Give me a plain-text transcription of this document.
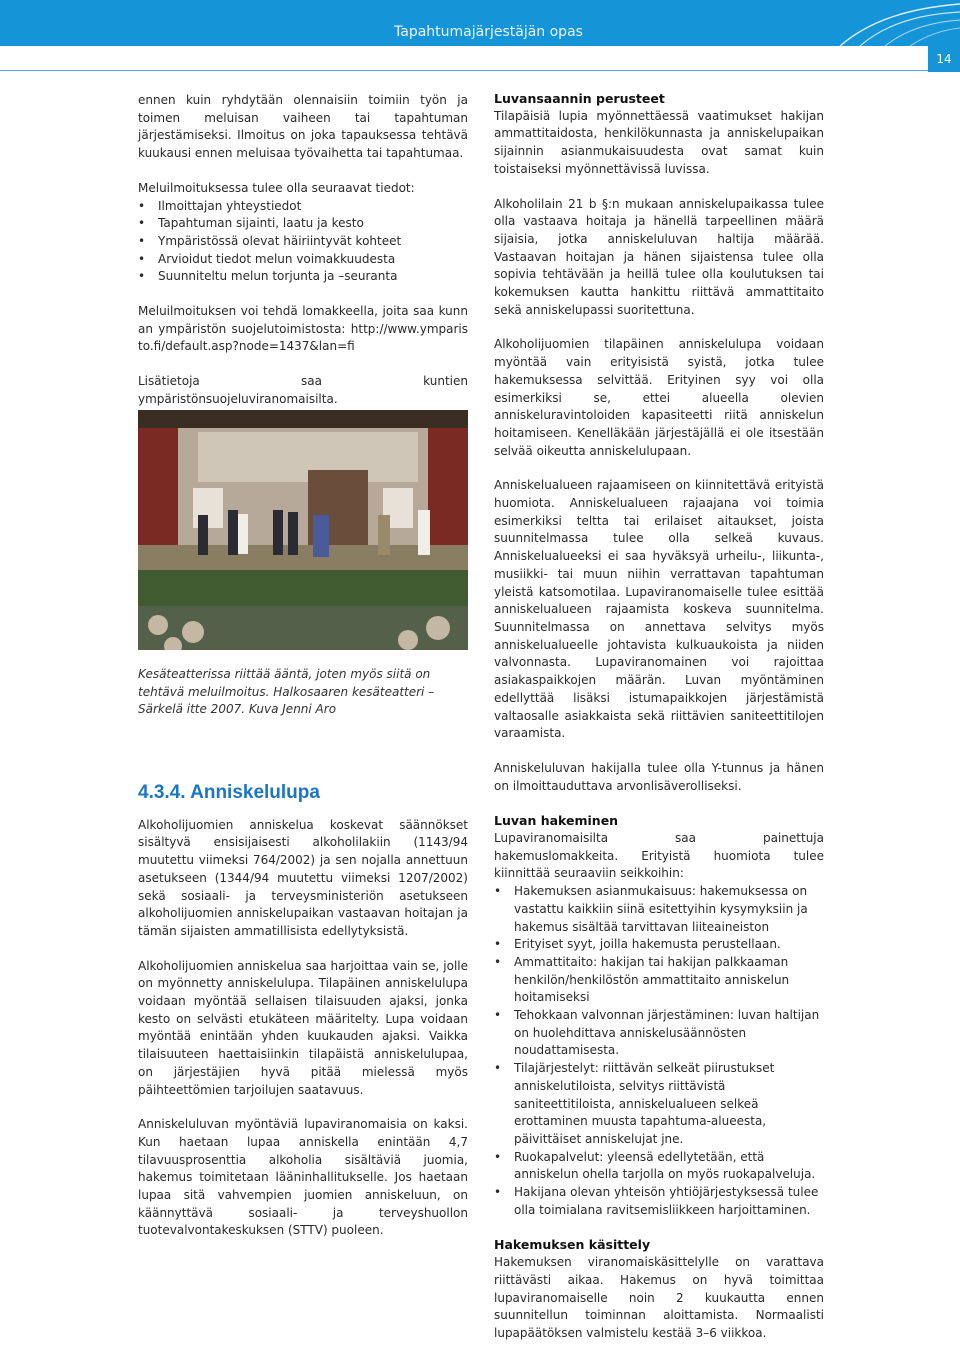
Tapahtumajärjestäjän opas
14

ennen kuin ryhdytään olennaisiin toimiin työn ja toimen meluisan vaiheen tai tapahtuman järjestämiseksi. Ilmoitus on joka tapauksessa tehtävä kuukausi ennen meluisaa työvaihetta tai tapahtumaa.

Meluilmoituksessa tulee olla seuraavat tiedot:

• Ilmoittajan yhteystiedot
• Tapahtuman sijainti, laatu ja kesto
• Ympäristössä olevat häiriintyvät kohteet
• Arvioidut tiedot melun voimakkuudesta
• Suunniteltu melun torjunta ja –seuranta

Meluilmoituksen voi tehdä lomakkeella, joita saa kunnan ympäristön suojelutoimistosta: http://www.ymparisto.fi/default.asp?node=1437&lan=fi

Lisätietoja saa kuntien ympäristönsuojeluviranomaisilta.

Kesäteatterissa riittää ääntä, joten myös siitä on tehtävä meluilmoitus. Halkosaaren kesäteatteri – Särkelä itte 2007. Kuva Jenni Aro

4.3.4. Anniskelulupa

Alkoholijuomien anniskelua koskevat säännökset sisältyvä ensisijaisesti alkoholilakiin (1143/94 muutettu viimeksi 764/2002) ja sen nojalla annettuun asetukseen (1344/94 muutettu viimeksi 1207/2002) sekä sosiaali- ja terveysministeriön asetukseen alkoholijuomien anniskelupaikan vastaavan hoitajan ja tämän sijaisten ammatillisista edellytyksistä.

Alkoholijuomien anniskelua saa harjoittaa vain se, jolle on myönnetty anniskelulupa. Tilapäinen anniskelulupa voidaan myöntää sellaisen tilaisuuden ajaksi, jonka kesto on selvästi etukäteen määritelty. Lupa voidaan myöntää enintään yhden kuukauden ajaksi. Vaikka tilaisuuteen haettaisiinkin tilapäistä anniskelulupaa, on järjestäjien hyvä pitää mielessä myös päihteettömien tarjoilujen saatavuus.

Anniskeluluvan myöntäviä lupaviranomaisia on kaksi. Kun haetaan lupaa anniskella enintään 4,7 tilavuusprosenttia alkoholia sisältäviä juomia, hakemus toimitetaan lääninhallitukselle. Jos haetaan lupaa sitä vahvempien juomien anniskeluun, on käännyttävä sosiaali- ja terveyshuollon tuotevalvontakeskuksen (STTV) puoleen.

Luvansaannin perusteet

Tilapäisiä lupia myönnettäessä vaatimukset hakijan ammattitaidosta, henkilökunnasta ja anniskelupaikan sijainnin asianmukaisuudesta ovat samat kuin toistaiseksi myönnettävissä luvissa.

Alkoholilain 21 b §:n mukaan anniskelupaikassa tulee olla vastaava hoitaja ja hänellä tarpeellinen määrä sijaisia, jotka anniskeluluvan haltija määrää. Vastaavan hoitajan ja hänen sijaistensa tulee olla sopivia tehtävään ja heillä tulee olla koulutuksen tai kokemuksen kautta hankittu riittävä ammattitaito sekä anniskelupassi suoritettuna.

Alkoholijuomien tilapäinen anniskelulupa voidaan myöntää vain erityisistä syistä, jotka tulee hakemuksessa selvittää. Erityinen syy voi olla esimerkiksi se, ettei alueella olevien anniskeluravintoloiden kapasiteetti riitä anniskelun hoitamiseen. Kenelläkään järjestäjällä ei ole itsestään selvää oikeutta anniskelulupaan.

Anniskelualueen rajaamiseen on kiinnitettävä erityistä huomiota. Anniskelualueen rajaajana voi toimia esimerkiksi teltta tai erilaiset aitaukset, joista suunnitelmassa tulee olla selkeä kuvaus. Anniskelualueeksi ei saa hyväksyä urheilu-, liikunta-, musiikki- tai muun niihin verrattavan tapahtuman yleistä katsomotilaa. Lupaviranomaiselle tulee esittää anniskelualueen rajaamista koskeva suunnitelma. Suunnitelmassa on annettava selvitys myös anniskelualueelle johtavista kulkuaukoista ja niiden valvonnasta. Lupaviranomainen voi rajoittaa asiakaspaikkojen määrän. Luvan myöntäminen edellyttää lisäksi istumapaikkojen järjestämistä valtaosalle asiakkaista sekä riittävien saniteettitilojen varaamista.

Anniskeluluvan hakijalla tulee olla Y-tunnus ja hänen on ilmoittauduttava arvonlisäverolliseksi.

Luvan hakeminen

Lupaviranomaisilta saa painettuja hakemuslomakkeita. Erityistä huomiota tulee kiinnittää seuraaviin seikkoihin:

• Hakemuksen asianmukaisuus: hakemuksessa on vastattu kaikkiin siinä esitettyihin kysymyksiin ja hakemus sisältää tarvittavan liiteaineiston
• Erityiset syyt, joilla hakemusta perustellaan.
• Ammattitaito: hakijan tai hakijan palkkaaman henkilön/henkilöstön ammattitaito anniskelun hoitamiseksi
• Tehokkaan valvonnan järjestäminen: luvan haltijan on huolehdittava anniskelusäännösten noudattamisesta.
• Tilajärjestelyt: riittävän selkeät piirustukset anniskelutiloista, selvitys riittävistä saniteettitiloista, anniskelualueen selkeä erottaminen muusta tapahtuma-alueesta, päivittäiset anniskelujat jne.
• Ruokapalvelut: yleensä edellytetään, että anniskelun ohella tarjolla on myös ruokapalveluja.
• Hakijana olevan yhteisön yhtiöjärjestyksessä tulee olla toimialana ravitsemisliikkeen harjoittaminen.

Hakemuksen käsittely

Hakemuksen viranomaiskäsittelylle on varattava riittävästi aikaa. Hakemus on hyvä toimittaa lupaviranomaiselle noin 2 kuukautta ennen suunnitellun toiminnan aloittamista. Normaalisti lupapäätöksen valmistelu kestää 3–6 viikkoa.
